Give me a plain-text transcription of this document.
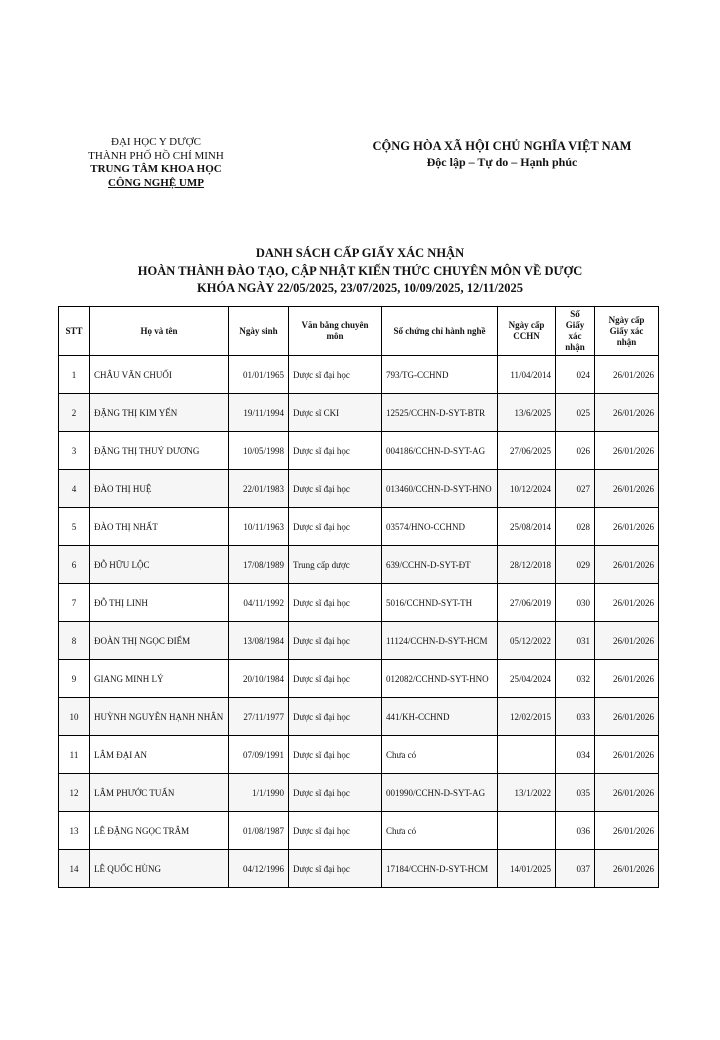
ĐẠI HỌC Y DƯỢC
THÀNH PHỐ HỒ CHÍ MINH
TRUNG TÂM KHOA HỌC
CÔNG NGHỆ UMP
CỘNG HÒA XÃ HỘI CHỦ NGHĨA VIỆT NAM
Độc lập – Tự do – Hạnh phúc
DANH SÁCH CẤP GIẤY XÁC NHẬN
HOÀN THÀNH ĐÀO TẠO, CẬP NHẬT KIẾN THỨC CHUYÊN MÔN VỀ DƯỢC
KHÓA NGÀY 22/05/2025, 23/07/2025, 10/09/2025, 12/11/2025
STT	Họ và tên	Ngày sinh	Văn bằng chuyên môn	Số chứng chỉ hành nghề	Ngày cấp CCHN	Số Giấy xác nhận	Ngày cấp Giấy xác nhận
1	CHÂU VĂN CHUỐI	01/01/1965	Dược sĩ đại học	793/TG-CCHND	11/04/2014	024	26/01/2026
2	ĐẶNG THỊ KIM YẾN	19/11/1994	Dược sĩ CKI	12525/CCHN-D-SYT-BTR	13/6/2025	025	26/01/2026
3	ĐẶNG THỊ THUỶ DƯƠNG	10/05/1998	Dược sĩ đại học	004186/CCHN-D-SYT-AG	27/06/2025	026	26/01/2026
4	ĐÀO THỊ HUỆ	22/01/1983	Dược sĩ đại học	013460/CCHN-D-SYT-HNO	10/12/2024	027	26/01/2026
5	ĐÀO THỊ NHẤT	10/11/1963	Dược sĩ đại học	03574/HNO-CCHND	25/08/2014	028	26/01/2026
6	ĐỖ HỮU LỘC	17/08/1989	Trung cấp dược	639/CCHN-D-SYT-ĐT	28/12/2018	029	26/01/2026
7	ĐỖ THỊ LINH	04/11/1992	Dược sĩ đại học	5016/CCHND-SYT-TH	27/06/2019	030	26/01/2026
8	ĐOÀN THỊ NGỌC ĐIỂM	13/08/1984	Dược sĩ đại học	11124/CCHN-D-SYT-HCM	05/12/2022	031	26/01/2026
9	GIANG MINH LÝ	20/10/1984	Dược sĩ đại học	012082/CCHND-SYT-HNO	25/04/2024	032	26/01/2026
10	HUỲNH NGUYỄN HẠNH NHÂN	27/11/1977	Dược sĩ đại học	441/KH-CCHND	12/02/2015	033	26/01/2026
11	LÂM ĐẠI AN	07/09/1991	Dược sĩ đại học	Chưa có		034	26/01/2026
12	LÂM PHƯỚC TUẤN	1/1/1990	Dược sĩ đại học	001990/CCHN-D-SYT-AG	13/1/2022	035	26/01/2026
13	LÊ ĐẶNG NGỌC TRÂM	01/08/1987	Dược sĩ đại học	Chưa có		036	26/01/2026
14	LÊ QUỐC HÙNG	04/12/1996	Dược sĩ đại học	17184/CCHN-D-SYT-HCM	14/01/2025	037	26/01/2026
